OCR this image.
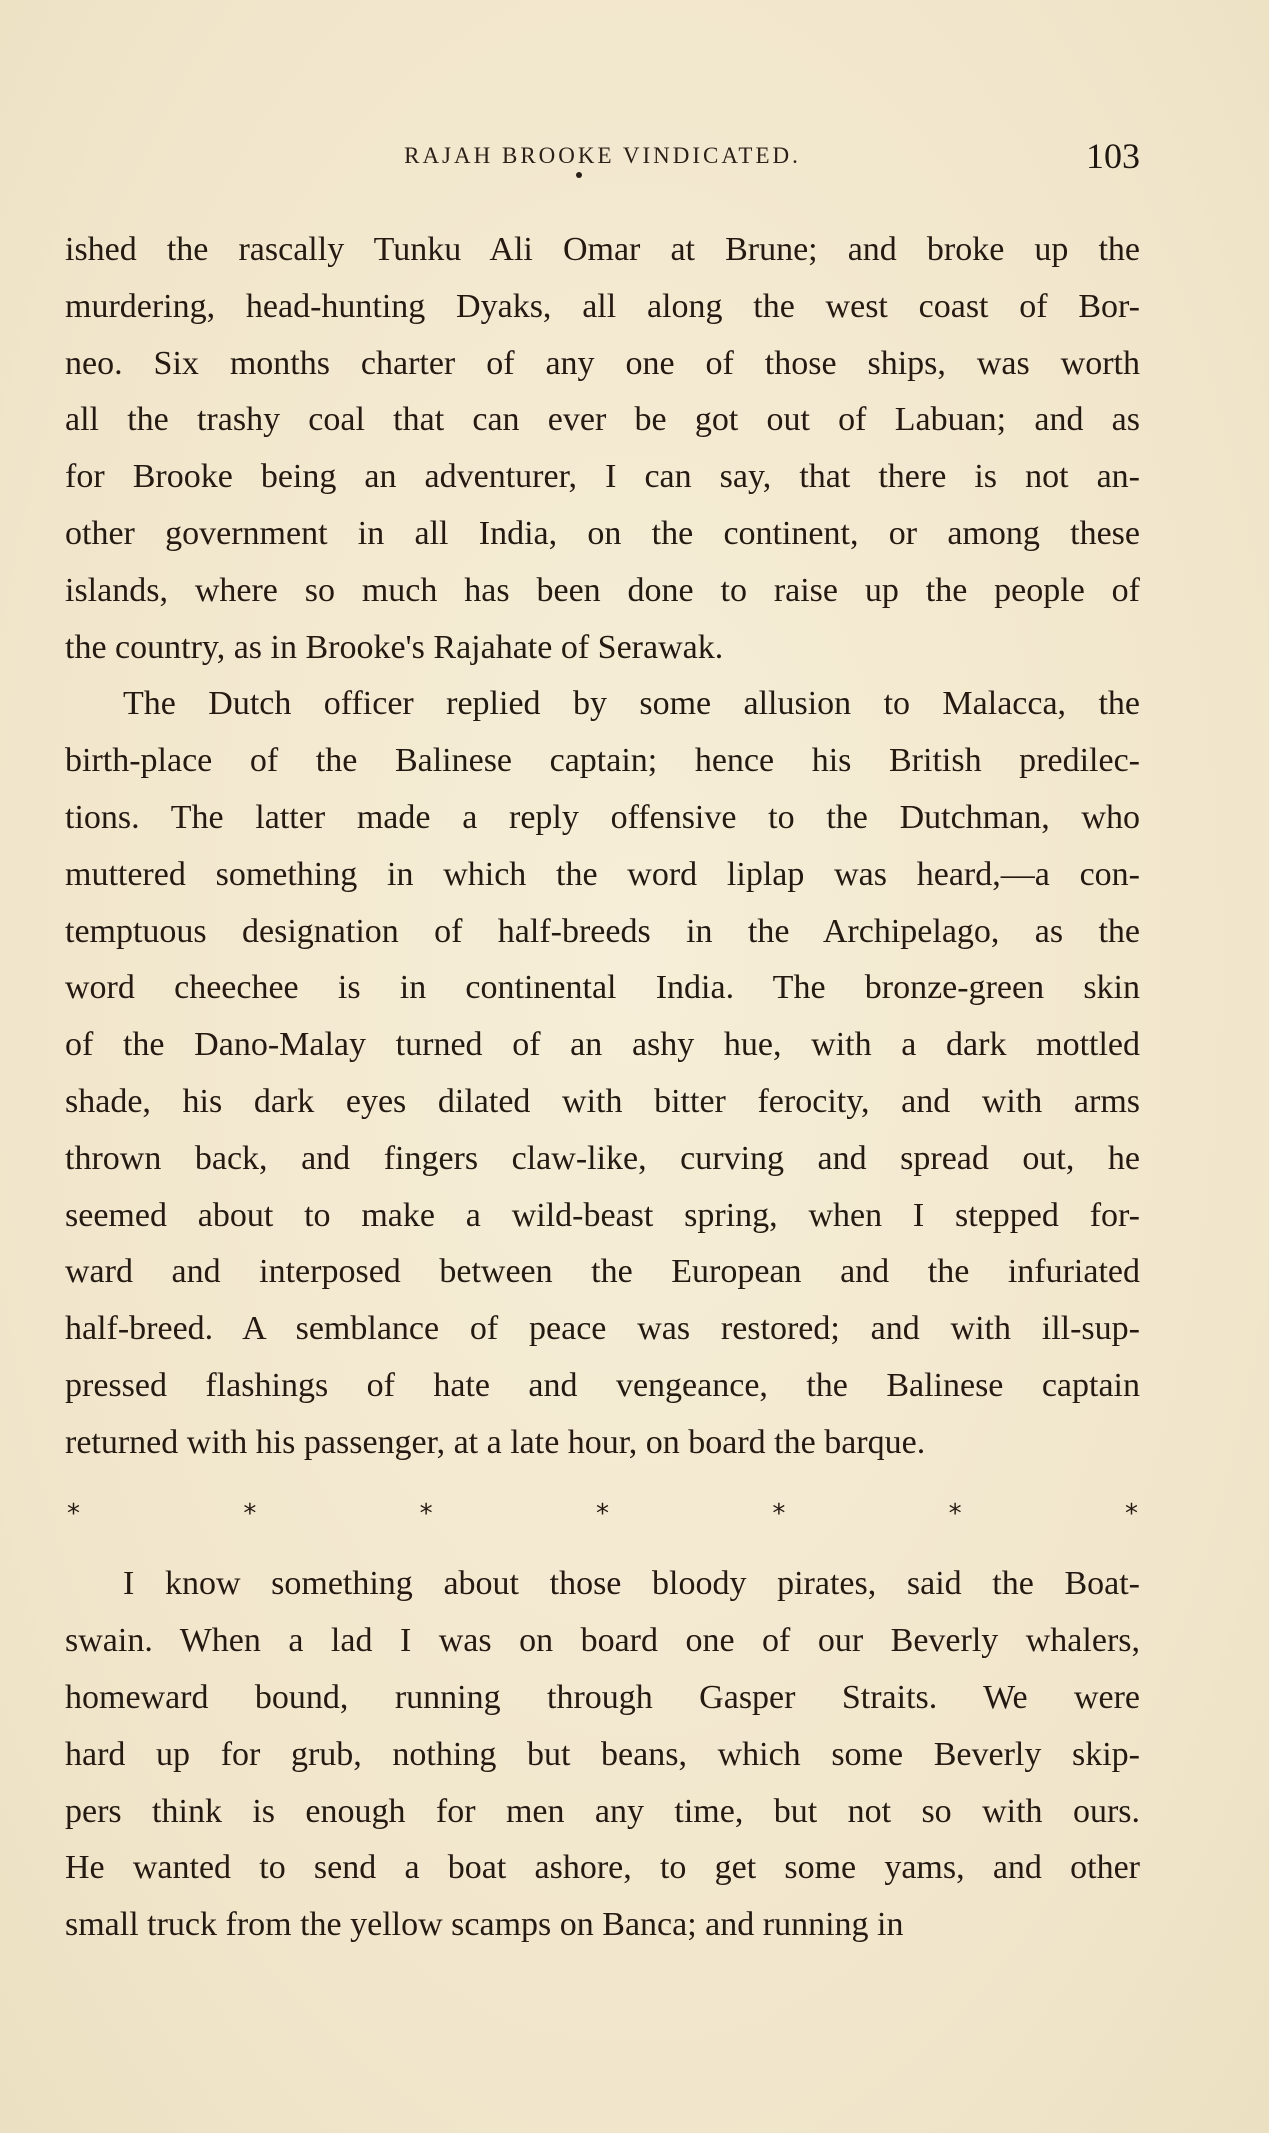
RAJAH BROOKE VINDICATED.	103
ished the rascally Tunku Ali Omar at Brune; and broke up the
murdering, head-hunting Dyaks, all along the west coast of Bor-
neo. Six months charter of any one of those ships, was worth
all the trashy coal that can ever be got out of Labuan; and as
for Brooke being an adventurer, I can say, that there is not an-
other government in all India, on the continent, or among these
islands, where so much has been done to raise up the people of
the country, as in Brooke's Rajahate of Serawak.
The Dutch officer replied by some allusion to Malacca, the
birth-place of the Balinese captain; hence his British predilec-
tions. The latter made a reply offensive to the Dutchman, who
muttered something in which the word liplap was heard,—a con-
temptuous designation of half-breeds in the Archipelago, as the
word cheechee is in continental India. The bronze-green skin
of the Dano-Malay turned of an ashy hue, with a dark mottled
shade, his dark eyes dilated with bitter ferocity, and with arms
thrown back, and fingers claw-like, curving and spread out, he
seemed about to make a wild-beast spring, when I stepped for-
ward and interposed between the European and the infuriated
half-breed. A semblance of peace was restored; and with ill-sup-
pressed flashings of hate and vengeance, the Balinese captain
returned with his passenger, at a late hour, on board the barque.
*	*	*	*	*	*	*
I know something about those bloody pirates, said the Boat-
swain. When a lad I was on board one of our Beverly whalers,
homeward bound, running through Gasper Straits. We were
hard up for grub, nothing but beans, which some Beverly skip-
pers think is enough for men any time, but not so with ours.
He wanted to send a boat ashore, to get some yams, and other
small truck from the yellow scamps on Banca; and running in
